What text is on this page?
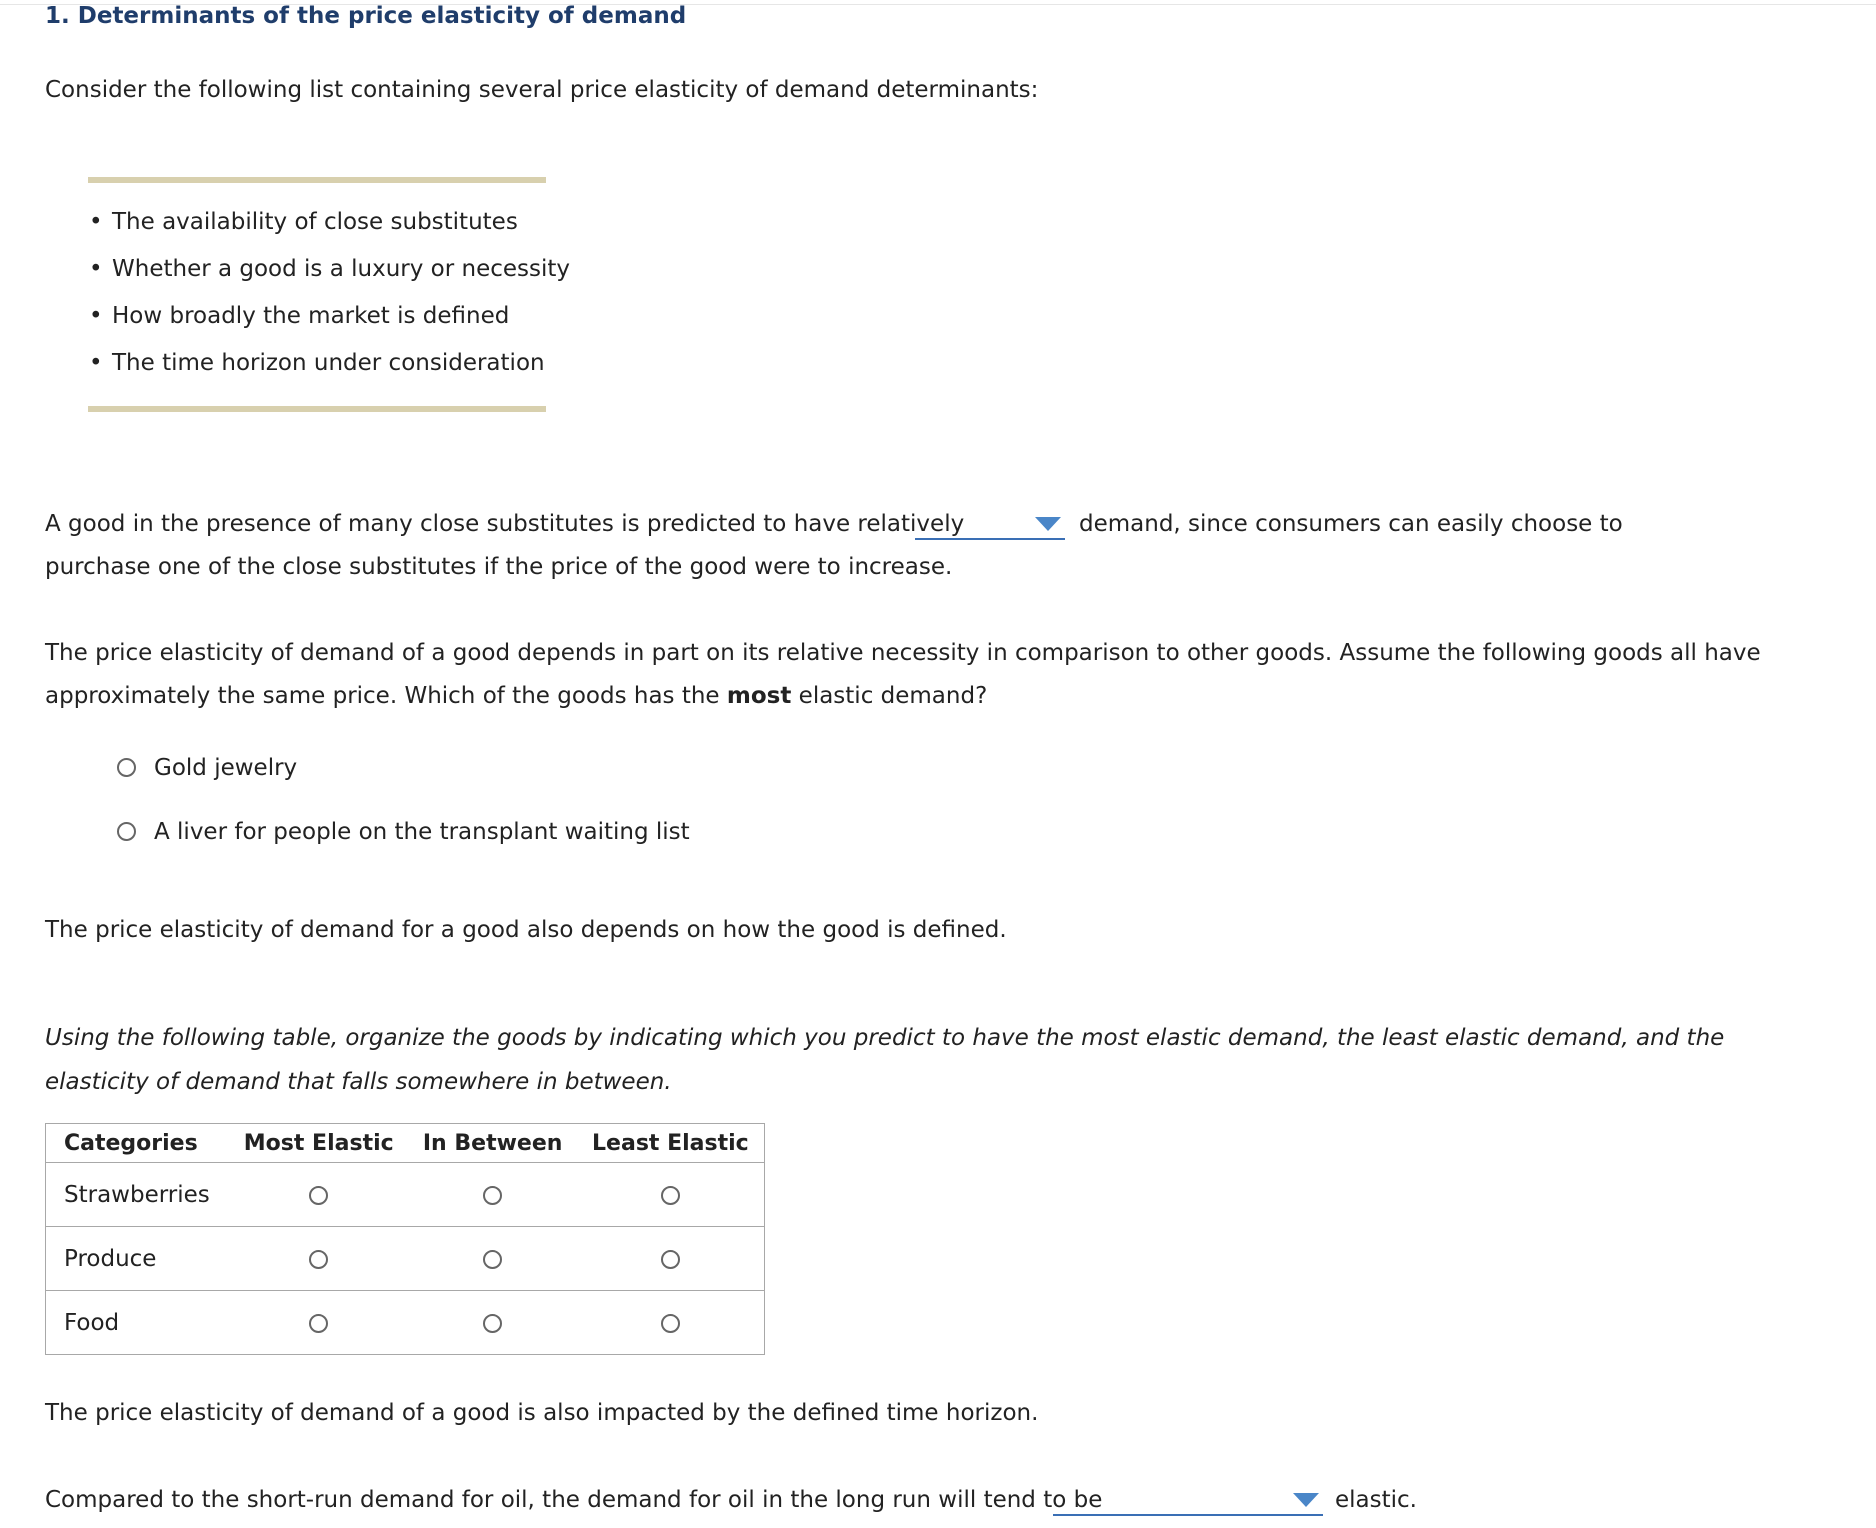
1. Determinants of the price elasticity of demand
Consider the following list containing several price elasticity of demand determinants:
• The availability of close substitutes
• Whether a good is a luxury or necessity
• How broadly the market is defined
• The time horizon under consideration
A good in the presence of many close substitutes is predicted to have relatively	demand, since consumers can easily choose to
purchase one of the close substitutes if the price of the good were to increase.
The price elasticity of demand of a good depends in part on its relative necessity in comparison to other goods. Assume the following goods all have
approximately the same price. Which of the goods has the most elastic demand?
Gold jewelry
A liver for people on the transplant waiting list
The price elasticity of demand for a good also depends on how the good is defined.
Using the following table, organize the goods by indicating which you predict to have the most elastic demand, the least elastic demand, and the
elasticity of demand that falls somewhere in between.
Categories	Most Elastic	In Between	Least Elastic
Strawberries			
Produce			
Food			
The price elasticity of demand of a good is also impacted by the defined time horizon.
Compared to the short-run demand for oil, the demand for oil in the long run will tend to be	elastic.
